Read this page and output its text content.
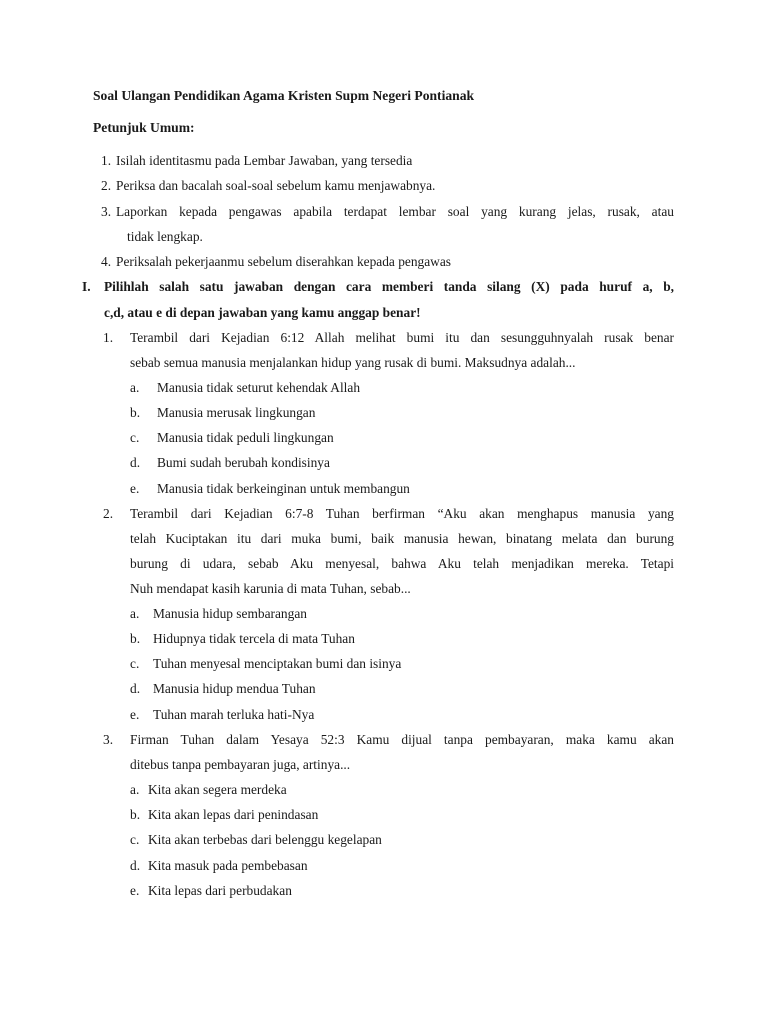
Soal Ulangan Pendidikan Agama Kristen Supm Negeri Pontianak
Petunjuk Umum:
1. Isilah identitasmu pada Lembar Jawaban, yang tersedia
2. Periksa dan bacalah soal-soal sebelum kamu menjawabnya.
3. Laporkan kepada pengawas apabila terdapat lembar soal yang kurang jelas, rusak, atau
tidak lengkap.
4. Periksalah pekerjaanmu sebelum diserahkan kepada pengawas
I. Pilihlah salah satu jawaban dengan cara memberi tanda silang (X) pada huruf a, b,
c,d, atau e di depan jawaban yang kamu anggap benar!
1. Terambil dari Kejadian 6:12 Allah melihat bumi itu dan sesungguhnyalah rusak benar
sebab semua manusia menjalankan hidup yang rusak di bumi. Maksudnya adalah...
a. Manusia tidak seturut kehendak Allah
b. Manusia merusak lingkungan
c. Manusia tidak peduli lingkungan
d. Bumi sudah berubah kondisinya
e. Manusia tidak berkeinginan untuk membangun
2. Terambil dari Kejadian 6:7-8 Tuhan berfirman “Aku akan menghapus manusia yang
telah Kuciptakan itu dari muka bumi, baik manusia hewan, binatang melata dan burung
burung di udara, sebab Aku menyesal, bahwa Aku telah menjadikan mereka. Tetapi
Nuh mendapat kasih karunia di mata Tuhan, sebab...
a. Manusia hidup sembarangan
b. Hidupnya tidak tercela di mata Tuhan
c. Tuhan menyesal menciptakan bumi dan isinya
d. Manusia hidup mendua Tuhan
e. Tuhan marah terluka hati-Nya
3. Firman Tuhan dalam Yesaya 52:3 Kamu dijual tanpa pembayaran, maka kamu akan
ditebus tanpa pembayaran juga, artinya...
a. Kita akan segera merdeka
b. Kita akan lepas dari penindasan
c. Kita akan terbebas dari belenggu kegelapan
d. Kita masuk pada pembebasan
e. Kita lepas dari perbudakan
